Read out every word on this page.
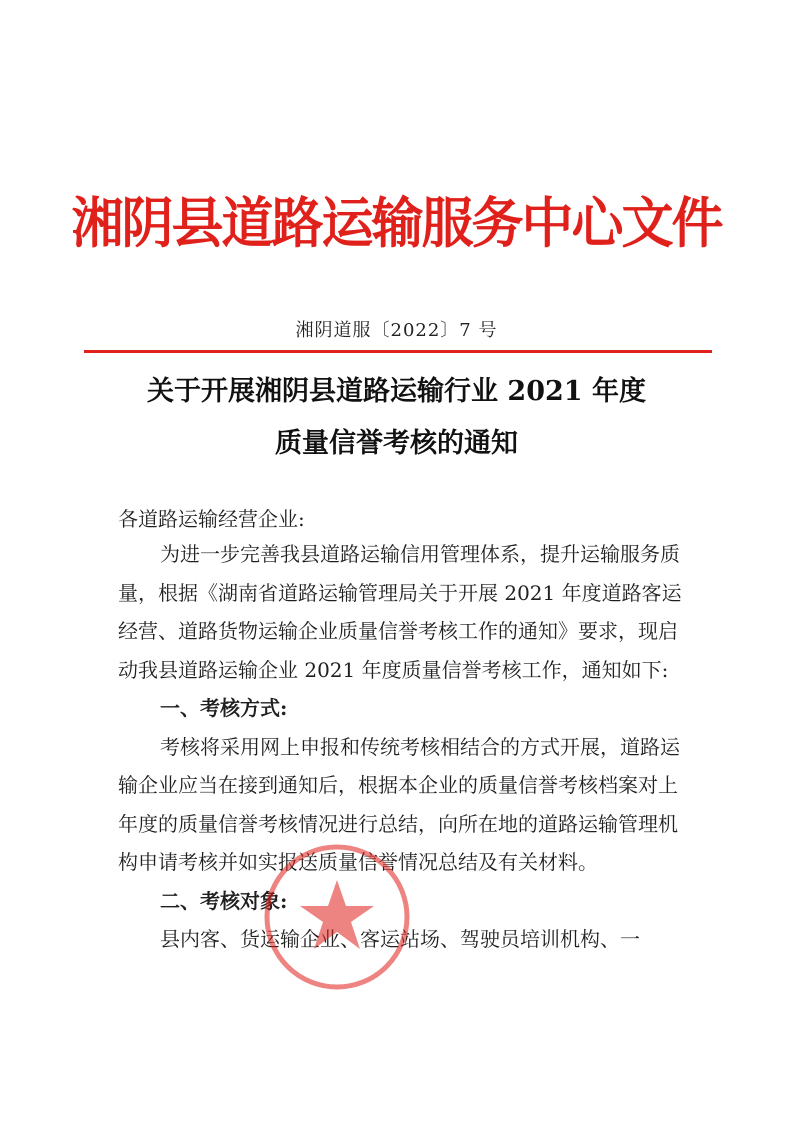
湘阴县道路运输服务中心文件
湘阴道服〔2022〕7 号
关于开展湘阴县道路运输行业 2021 年度
质量信誉考核的通知
各道路运输经营企业:

为进一步完善我县道路运输信用管理体系，提升运输服务质量，根据《湖南省道路运输管理局关于开展 2021 年度道路客运经营、道路货物运输企业质量信誉考核工作的通知》要求，现启动我县道路运输企业 2021 年度质量信誉考核工作，通知如下:

一、考核方式:

考核将采用网上申报和传统考核相结合的方式开展，道路运输企业应当在接到通知后，根据本企业的质量信誉考核档案对上年度的质量信誉考核情况进行总结，向所在地的道路运输管理机构申请考核并如实报送质量信誉情况总结及有关材料。

二、考核对象:

县内客、货运输企业、客运站场、驾驶员培训机构、一
